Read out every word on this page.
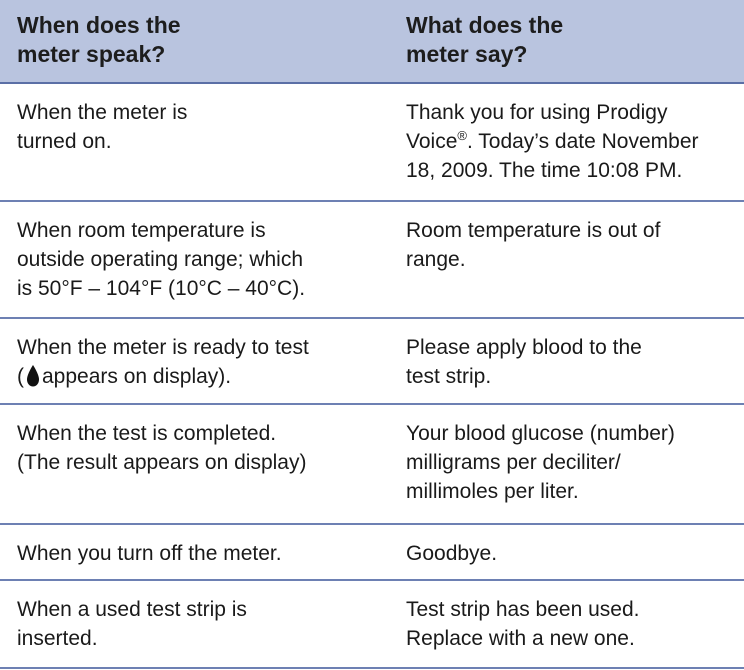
When does the
meter speak?
What does the
meter say?
When the meter is
turned on.
Thank you for using Prodigy
Voice®. Today’s date November
18, 2009. The time 10:08 PM.
When room temperature is
outside operating range; which
is 50°F – 104°F (10°C – 40°C).
Room temperature is out of
range.
When the meter is ready to test
( appears on display).
Please apply blood to the
test strip.
When the test is completed.
(The result appears on display)
Your blood glucose (number)
milligrams per deciliter/
millimoles per liter.
When you turn off the meter.	Goodbye.
When a used test strip is
inserted.
Test strip has been used.
Replace with a new one.
